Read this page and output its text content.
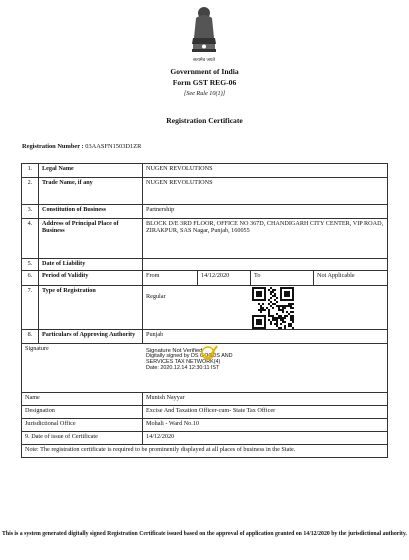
सत्यमेव जयते
Government of India
Form GST REG-06
[See Rule 10(1)]
Registration Certificate
Registration Number : 03AASFN1503D1ZR
1.	Legal Name	NUGEN REVOLUTIONS
2.	Trade Name, if any	NUGEN REVOLUTIONS
3.	Constitution of Business	Partnership
4.	Address of Principal Place of Business	BLOCK D/E 3RD FLOOR, OFFICE NO 367D, CHANDIGARH CITY CENTER, VIP ROAD, ZIRAKPUR, SAS Nagar, Punjab, 160055
5.	Date of Liability	
6.	Period of Validity		From	14/12/2020	To	Not Applicable

7.	Type of Registration	
Regular

8.	Particulars of Approving Authority	Punjab

Signature	Signature Not Verified
Digitally signed by DS GOODS AND
SERVICES TAX NETWORK(4)
Date: 2020.12.14 12:30:11 IST

Name	Munish Nayyar
Designation	Excise And Taxation Officer-cum- State Tax Officer
Jurisdictional Office	Mohali - Ward No.10
9. Date of issue of Certificate	14/12/2020
Note: The registration certificate is required to be prominently displayed at all places of business in the State.
This is a system generated digitally signed Registration Certificate issued based on the approval of application granted on 14/12/2020 by the jurisdictional authority.
